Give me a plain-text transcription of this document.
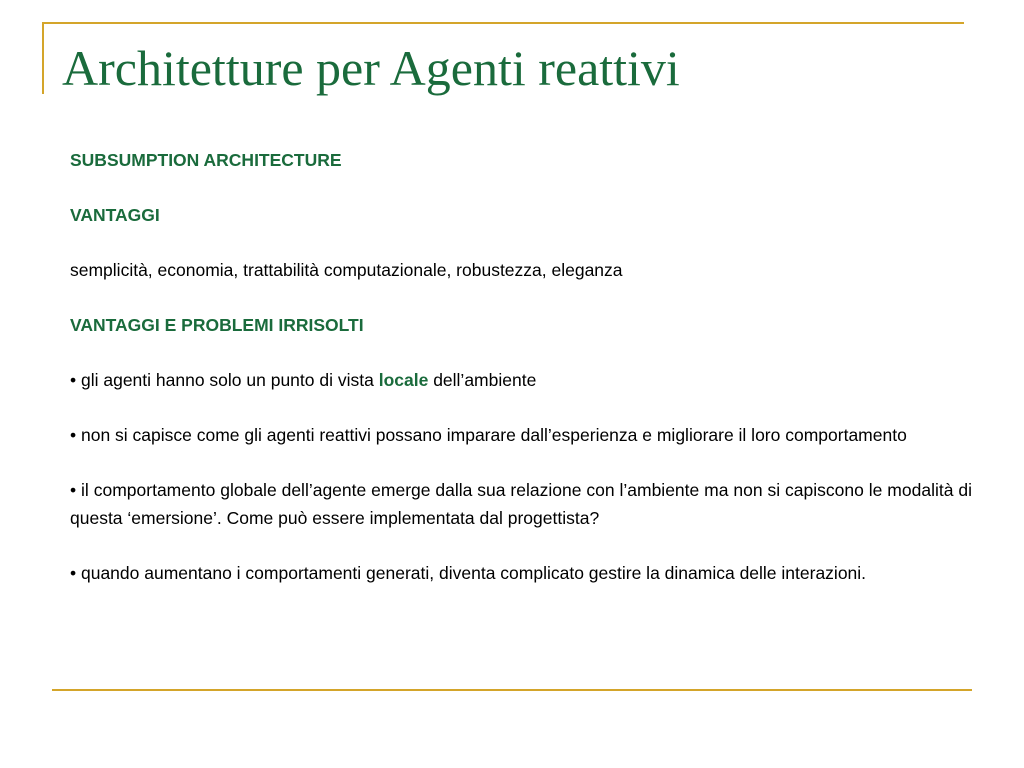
Architetture per Agenti reattivi

SUBSUMPTION ARCHITECTURE

VANTAGGI

semplicità, economia, trattabilità computazionale, robustezza, eleganza

VANTAGGI E PROBLEMI IRRISOLTI

• gli agenti hanno solo un punto di vista locale dell’ambiente

• non si capisce come gli agenti reattivi possano imparare dall’esperienza e migliorare il loro comportamento

• il comportamento globale dell’agente emerge dalla sua relazione con l’ambiente ma non si capiscono le modalità di questa ‘emersione’. Come può essere implementata dal progettista?

• quando aumentano i comportamenti generati, diventa complicato gestire la dinamica delle interazioni.
